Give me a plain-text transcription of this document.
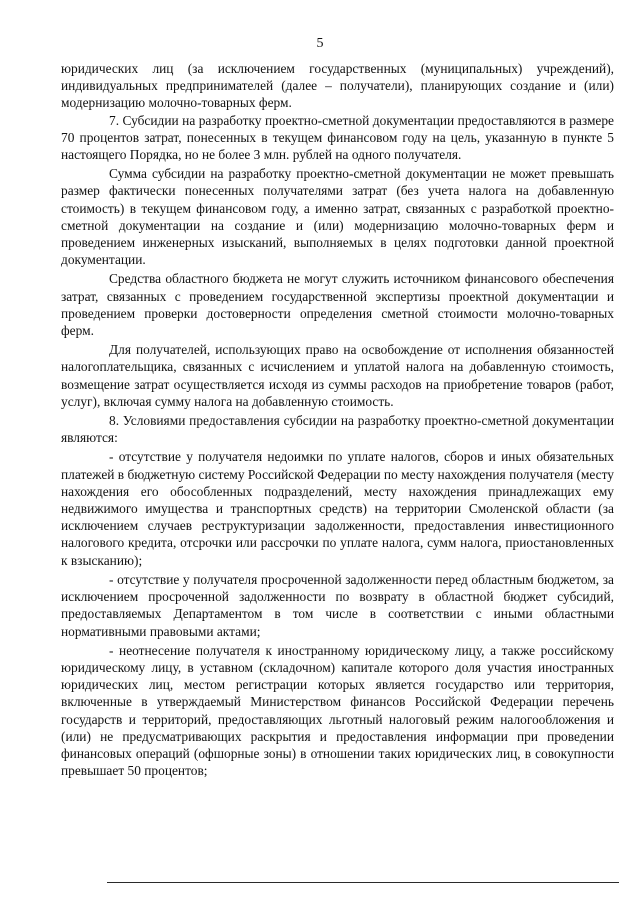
5

юридических лиц (за исключением государственных (муниципальных) учреждений), индивидуальных предпринимателей (далее – получатели), планирующих создание и (или) модернизацию молочно-товарных ферм.

7. Субсидии на разработку проектно-сметной документации предоставляются в размере 70 процентов затрат, понесенных в текущем финансовом году на цель, указанную в пункте 5 настоящего Порядка, но не более 3 млн. рублей на одного получателя.

Сумма субсидии на разработку проектно-сметной документации не может превышать размер фактически понесенных получателями затрат (без учета налога на добавленную стоимость) в текущем финансовом году, а именно затрат, связанных с разработкой проектно-сметной документации на создание и (или) модернизацию молочно-товарных ферм и проведением инженерных изысканий, выполняемых в целях подготовки данной проектной документации.

Средства областного бюджета не могут служить источником финансового обеспечения затрат, связанных с проведением государственной экспертизы проектной документации и проведением проверки достоверности определения сметной стоимости молочно-товарных ферм.

Для получателей, использующих право на освобождение от исполнения обязанностей налогоплательщика, связанных с исчислением и уплатой налога на добавленную стоимость, возмещение затрат осуществляется исходя из суммы расходов на приобретение товаров (работ, услуг), включая сумму налога на добавленную стоимость.

8. Условиями предоставления субсидии на разработку проектно-сметной документации являются:

- отсутствие у получателя недоимки по уплате налогов, сборов и иных обязательных платежей в бюджетную систему Российской Федерации по месту нахождения получателя (месту нахождения его обособленных подразделений, месту нахождения принадлежащих ему недвижимого имущества и транспортных средств) на территории Смоленской области (за исключением случаев реструктуризации задолженности, предоставления инвестиционного налогового кредита, отсрочки или рассрочки по уплате налога, сумм налога, приостановленных к взысканию);

- отсутствие у получателя просроченной задолженности перед областным бюджетом, за исключением просроченной задолженности по возврату в областной бюджет субсидий, предоставляемых Департаментом в том числе в соответствии с иными областными нормативными правовыми актами;

- неотнесение получателя к иностранному юридическому лицу, а также российскому юридическому лицу, в уставном (складочном) капитале которого доля участия иностранных юридических лиц, местом регистрации которых является государство или территория, включенные в утверждаемый Министерством финансов Российской Федерации перечень государств и территорий, предоставляющих льготный налоговый режим налогообложения и (или) не предусматривающих раскрытия и предоставления информации при проведении финансовых операций (офшорные зоны) в отношении таких юридических лиц, в совокупности превышает 50 процентов;
